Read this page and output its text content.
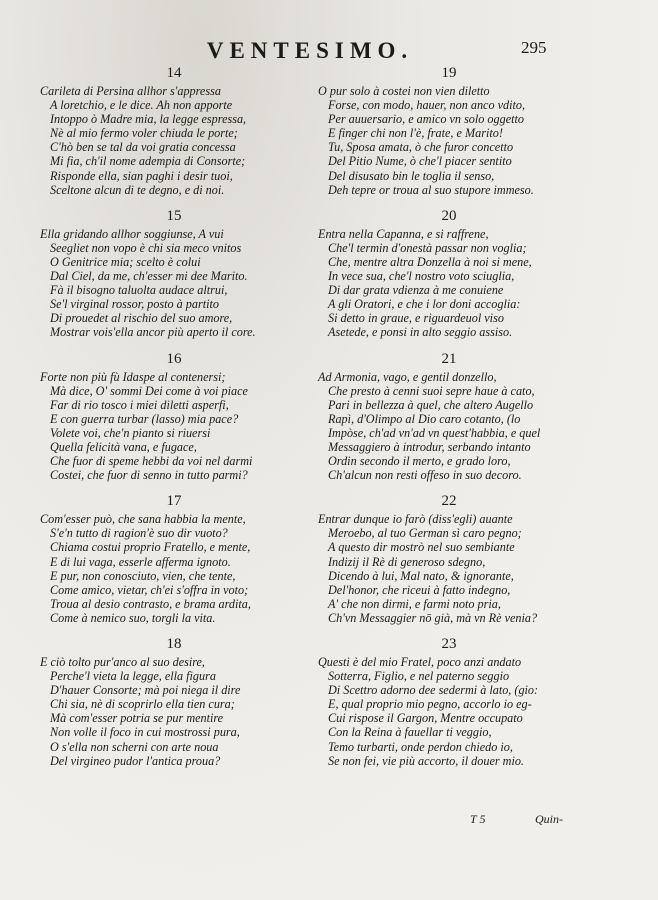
VENTESIMO.	295
14
Carileta di Persina allhor s'appressa
A loretchio, e le dice. Ah non apporte
Intoppo ò Madre mia, la legge espressa,
Nè al mio fermo voler chiuda le porte;
C'hò ben se tal da voi gratia concessa
Mi fia, ch'il nome adempia di Consorte;
Risponde ella, sian paghi i desir tuoi,
Sceltone alcun di te degno, e di noi.
15
Ella gridando allhor soggiunse, A vui
Seegliet non vopo è chi sia meco vnitos
O Genitrice mia; scelto è colui
Dal Ciel, da me, ch'esser mi dee Marito.
Fà il bisogno taluolta audace altrui,
Se'l virginal rossor, posto à partito
Di prouedet al rischio del suo amore,
Mostrar vois'ella ancor più aperto il core.
16
Forte non più fù Idaspe al contenersi;
Mà dice, O' sommi Dei come à voi piace
Far di rio tosco i miei diletti asperfi,
E con guerra turbar (lasso) mia pace?
Volete voi, che'n pianto si riuersi
Quella felicità vana, e fugace,
Che fuor di speme hebbi da voi nel darmi
Costei, che fuor di senno in tutto parmi?
17
Com'esser può, che sana habbia la mente,
S'e'n tutto di ragion'è suo dir vuoto?
Chiama costui proprio Fratello, e mente,
E di lui vaga, esserle afferma ignoto.
E pur, non conosciuto, vien, che tente,
Come amico, vietar, ch'ei s'offra in voto;
Troua al desio contrasto, e brama ardita,
Come à nemico suo, torgli la vita.
18
E ciò tolto pur'anco al suo desire,
Perche'l vieta la legge, ella figura
D'hauer Consorte; mà poi niega il dire
Chi sia, nè di scoprirlo ella tien cura;
Mà com'esser potria se pur mentire
Non volle il foco in cui mostrossi pura,
O s'ella non scherni con arte noua
Del virgineo pudor l'antica proua?
19
O pur solo à costei non vien diletto
Forse, con modo, hauer, non anco vdito,
Per auuersario, e amico vn solo oggetto
E finger chi non l'è, frate, e Marito!
Tu, Sposa amata, ò che furor concetto
Del Pitio Nume, ò che'l piacer sentito
Del disusato bin le toglia il senso,
Deh tepre or troua al suo stupore immeso.
20
Entra nella Capanna, e si raffrene,
Che'l termin d'onestà passar non voglia;
Che, mentre altra Donzella à noi si mene,
In vece sua, che'l nostro voto sciuglia,
Di dar grata vdienza à me conuiene
A gli Oratori, e che i lor doni accoglia:
Si detto in graue, e riguardeuol viso
Asetede, e ponsi in alto seggio assiso.
21
Ad Armonia, vago, e gentil donzello,
Che presto à cenni suoi sepre haue à cato,
Pari in bellezza à quel, che altero Augello
Rapì, d'Olimpo al Dio caro cotanto, (lo
Impòse, ch'ad vn'ad vn quest'habbia, e quel
Messaggiero à introdur, serbando intanto
Ordin secondo il merto, e grado loro,
Ch'alcun non resti offeso in suo decoro.
22
Entrar dunque io farò (diss'egli) auante
Meroebo, al tuo German sì caro pegno;
A questo dir mostrò nel suo sembiante
Indizij il Rè di generoso sdegno,
Dicendo à lui, Mal nato, & ignorante,
Del'honor, che riceui à fatto indegno,
A' che non dirmi, e farmi noto pria,
Ch'vn Messaggier nō già, mà vn Rè venia?
23
Questi è del mio Fratel, poco anzi andato
Sotterra, Figlio, e nel paterno seggio
Di Scettro adorno dee sedermi à lato, (gio:
E, qual proprio mio pegno, accorlo io eg-
Cui rispose il Gargon, Mentre occupato
Con la Reina à fauellar ti veggio,
Temo turbarti, onde perdon chiedo io,
Se non fei, vie più accorto, il douer mio.
T 5	Quin-
